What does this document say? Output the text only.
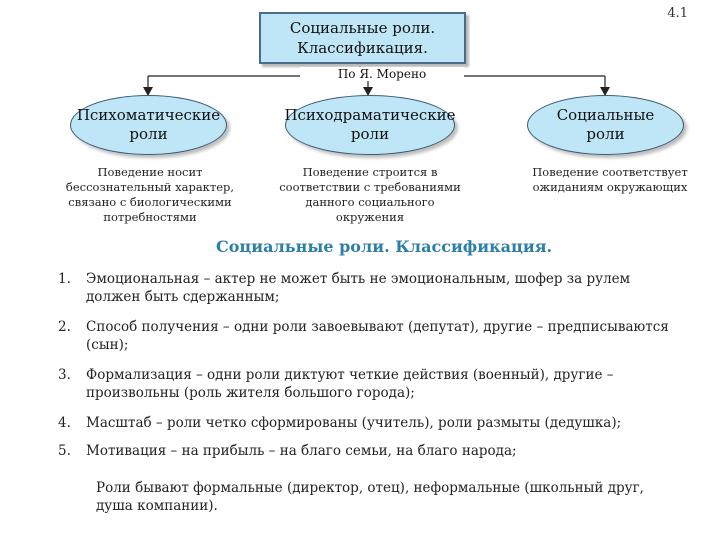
4.1
Социальные роли.
Классификация.
По Я. Морено
Психоматические
роли
Психодраматические
роли
Социальные
роли
Поведение носит
бессознательный характер,
связано с биологическими
потребностями
Поведение строится в
соответствии с требованиями
данного социального
окружения
Поведение соответствует
ожиданиям окружающих
Социальные роли. Классификация.
1.	Эмоциональная – актер не может быть не эмоциональным, шофер за рулем
должен быть сдержанным;
2.	Способ получения – одни роли завоевывают (депутат), другие – предписываются
(сын);
3.	Формализация – одни роли диктуют четкие действия (военный), другие –
произвольны (роль жителя большого города);
4.	Масштаб – роли четко сформированы (учитель), роли размыты (дедушка);
5.	Мотивация – на прибыль – на благо семьи, на благо народа;
Роли бывают формальные (директор, отец), неформальные (школьный друг,
душа компании).
